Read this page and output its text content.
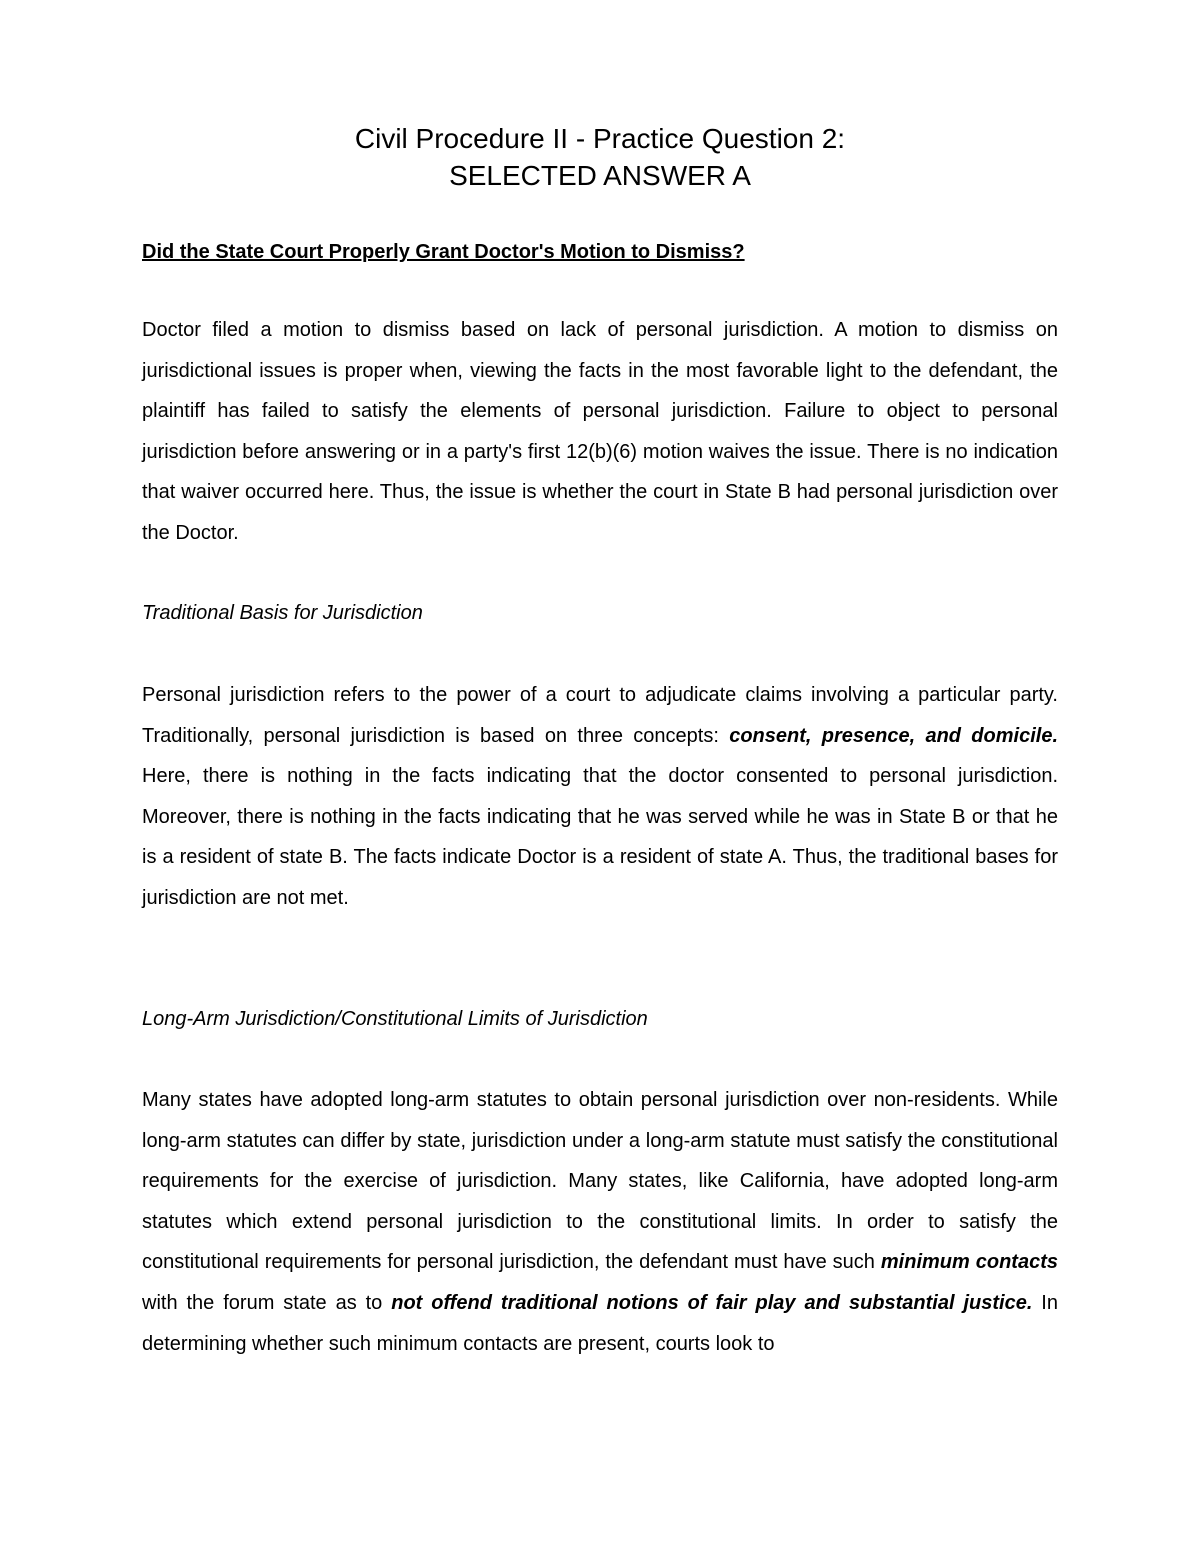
Civil Procedure II - Practice Question 2:
SELECTED ANSWER A
Did the State Court Properly Grant Doctor's Motion to Dismiss?

Doctor filed a motion to dismiss based on lack of personal jurisdiction. A motion to dismiss on jurisdictional issues is proper when, viewing the facts in the most favorable light to the defendant, the plaintiff has failed to satisfy the elements of personal jurisdiction. Failure to object to personal jurisdiction before answering or in a party's first 12(b)(6) motion waives the issue. There is no indication that waiver occurred here. Thus, the issue is whether the court in State B had personal jurisdiction over the Doctor.

Traditional Basis for Jurisdiction

Personal jurisdiction refers to the power of a court to adjudicate claims involving a particular party. Traditionally, personal jurisdiction is based on three concepts: consent, presence, and domicile. Here, there is nothing in the facts indicating that the doctor consented to personal jurisdiction. Moreover, there is nothing in the facts indicating that he was served while he was in State B or that he is a resident of state B. The facts indicate Doctor is a resident of state A. Thus, the traditional bases for jurisdiction are not met.

Long-Arm Jurisdiction/Constitutional Limits of Jurisdiction

Many states have adopted long-arm statutes to obtain personal jurisdiction over non-residents. While long-arm statutes can differ by state, jurisdiction under a long-arm statute must satisfy the constitutional requirements for the exercise of jurisdiction. Many states, like California, have adopted long-arm statutes which extend personal jurisdiction to the constitutional limits. In order to satisfy the constitutional requirements for personal jurisdiction, the defendant must have such minimum contacts with the forum state as to not offend traditional notions of fair play and substantial justice. In determining whether such minimum contacts are present, courts look to
